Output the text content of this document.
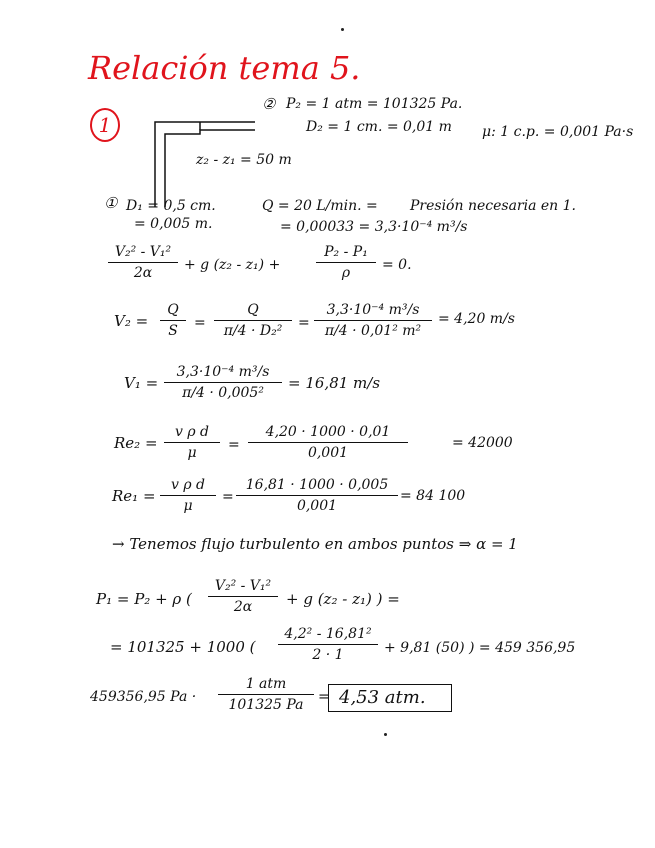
Relación tema 5.
1
② P₂ = 1 atm = 101325 Pa.
D₂ = 1 cm. = 0,01 m μ: 1 c.p. = 0,001 Pa·s
z₂ - z₁ = 50 m
① D₁ = 0,5 cm.
= 0,005 m.
Q = 20 L/min. = Presión necesaria en 1.
= 0,00033 = 3,3·10⁻⁴ m³/s
V₂² - V₁²
2α	+ g (z₂ - z₁) +
P₂ - P₁
ρ	= 0.
V₂ =
Q
S	=
Q
π/4 · D₂²	=
3,3·10⁻⁴ m³/s
π/4 · 0,01² m²
= 4,20 m/s
V₁ =
3,3·10⁻⁴ m³/s
π/4 · 0,005²
= 16,81 m/s
Re₂ =
v ρ d
μ	=
4,20 · 1000 · 0,01
0,001
= 42000
Re₁ =
v ρ d
μ
=
16,81 · 1000 · 0,005
0,001
= 84 100
→ Tenemos flujo turbulento en ambos puntos ⇒ α = 1
P₁ = P₂ + ρ (
V₂² - V₁²
2α	+ g (z₂ - z₁) ) =
= 101325 + 1000 (
4,2² - 16,81²
2 · 1	+ 9,81 (50) ) = 459 356,95
459356,95 Pa ·
1 atm
101325 Pa	= 4,53 atm.
